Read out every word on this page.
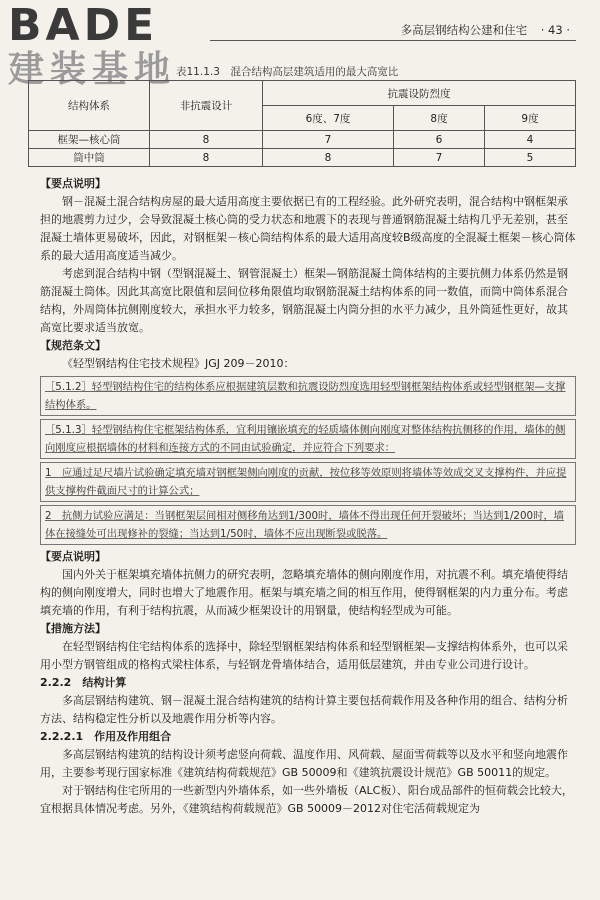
BADE
建装基地
多高层钢结构公建和住宅 · 43 ·
表11.1.3　混合结构高层建筑适用的最大高宽比
结构体系	非抗震设计	抗震设防烈度		
		6度、7度	8度	9度
框架—核心筒	8	7	6	4
筒中筒	8	8	7	5

【要点说明】

钢－混凝土混合结构房屋的最大适用高度主要依据已有的工程经验。此外研究表明，混合结构中钢框架承担的地震剪力过少，会导致混凝土核心筒的受力状态和地震下的表现与普通钢筋混凝土结构几乎无差别，甚至混凝土墙体更易破坏，因此，对钢框架－核心筒结构体系的最大适用高度较B级高度的全混凝土框架－核心筒体系的最大适用高度适当减少。

考虑到混合结构中钢（型钢混凝土、钢管混凝土）框架—钢筋混凝土筒体结构的主要抗侧力体系仍然是钢筋混凝土筒体。因此其高宽比限值和层间位移角限值均取钢筋混凝土结构体系的同一数值，而筒中筒体系混合结构，外周筒体抗侧刚度较大，承担水平力较多，钢筋混凝土内筒分担的水平力减少，且外筒延性更好，故其高宽比要求适当放宽。

【规范条文】

《轻型钢结构住宅技术规程》JGJ 209－2010：

［5.1.2］轻型钢结构住宅的结构体系应根据建筑层数和抗震设防烈度选用轻型钢框架结构体系或轻型钢框架—支撑结构体系。
［5.1.3］轻型钢结构住宅框架结构体系，宜利用镶嵌填充的轻质墙体侧向刚度对整体结构抗侧移的作用，墙体的侧向刚度应根据墙体的材料和连接方式的不同由试验确定，并应符合下列要求：
1　应通过足尺墙片试验确定填充墙对钢框架侧向刚度的贡献，按位移等效原则将墙体等效成交叉支撑构件，并应提供支撑构件截面尺寸的计算公式；
2　抗侧力试验应满足：当钢框架层间相对侧移角达到1/300时，墙体不得出现任何开裂破坏；当达到1/200时，墙体在接缝处可出现修补的裂缝；当达到1/50时，墙体不应出现断裂或脱落。

【要点说明】

国内外关于框架填充墙体抗侧力的研究表明，忽略填充墙体的侧向刚度作用，对抗震不利。填充墙使得结构的侧向刚度增大，同时也增大了地震作用。框架与填充墙之间的相互作用，使得钢框架的内力重分布。考虑填充墙的作用，有利于结构抗震，从而减少框架设计的用钢量，使结构轻型成为可能。

【措施方法】

在轻型钢结构住宅结构体系的选择中，除轻型钢框架结构体系和轻型钢框架—支撑结构体系外，也可以采用小型方钢管组成的格构式梁柱体系，与轻钢龙骨墙体结合，适用低层建筑，并由专业公司进行设计。

2.2.2　结构计算

多高层钢结构建筑、钢－混凝土混合结构建筑的结构计算主要包括荷载作用及各种作用的组合、结构分析方法、结构稳定性分析以及地震作用分析等内容。

2.2.2.1　作用及作用组合

多高层钢结构建筑的结构设计须考虑竖向荷载、温度作用、风荷载、屋面雪荷载等以及水平和竖向地震作用，主要参考现行国家标准《建筑结构荷载规范》GB 50009和《建筑抗震设计规范》GB 50011的规定。

对于钢结构住宅所用的一些新型内外墙体系，如一些外墙板（ALC板）、阳台成品部件的恒荷载会比较大，宜根据具体情况考虑。另外，《建筑结构荷载规范》GB 50009－2012对住宅活荷载规定为
